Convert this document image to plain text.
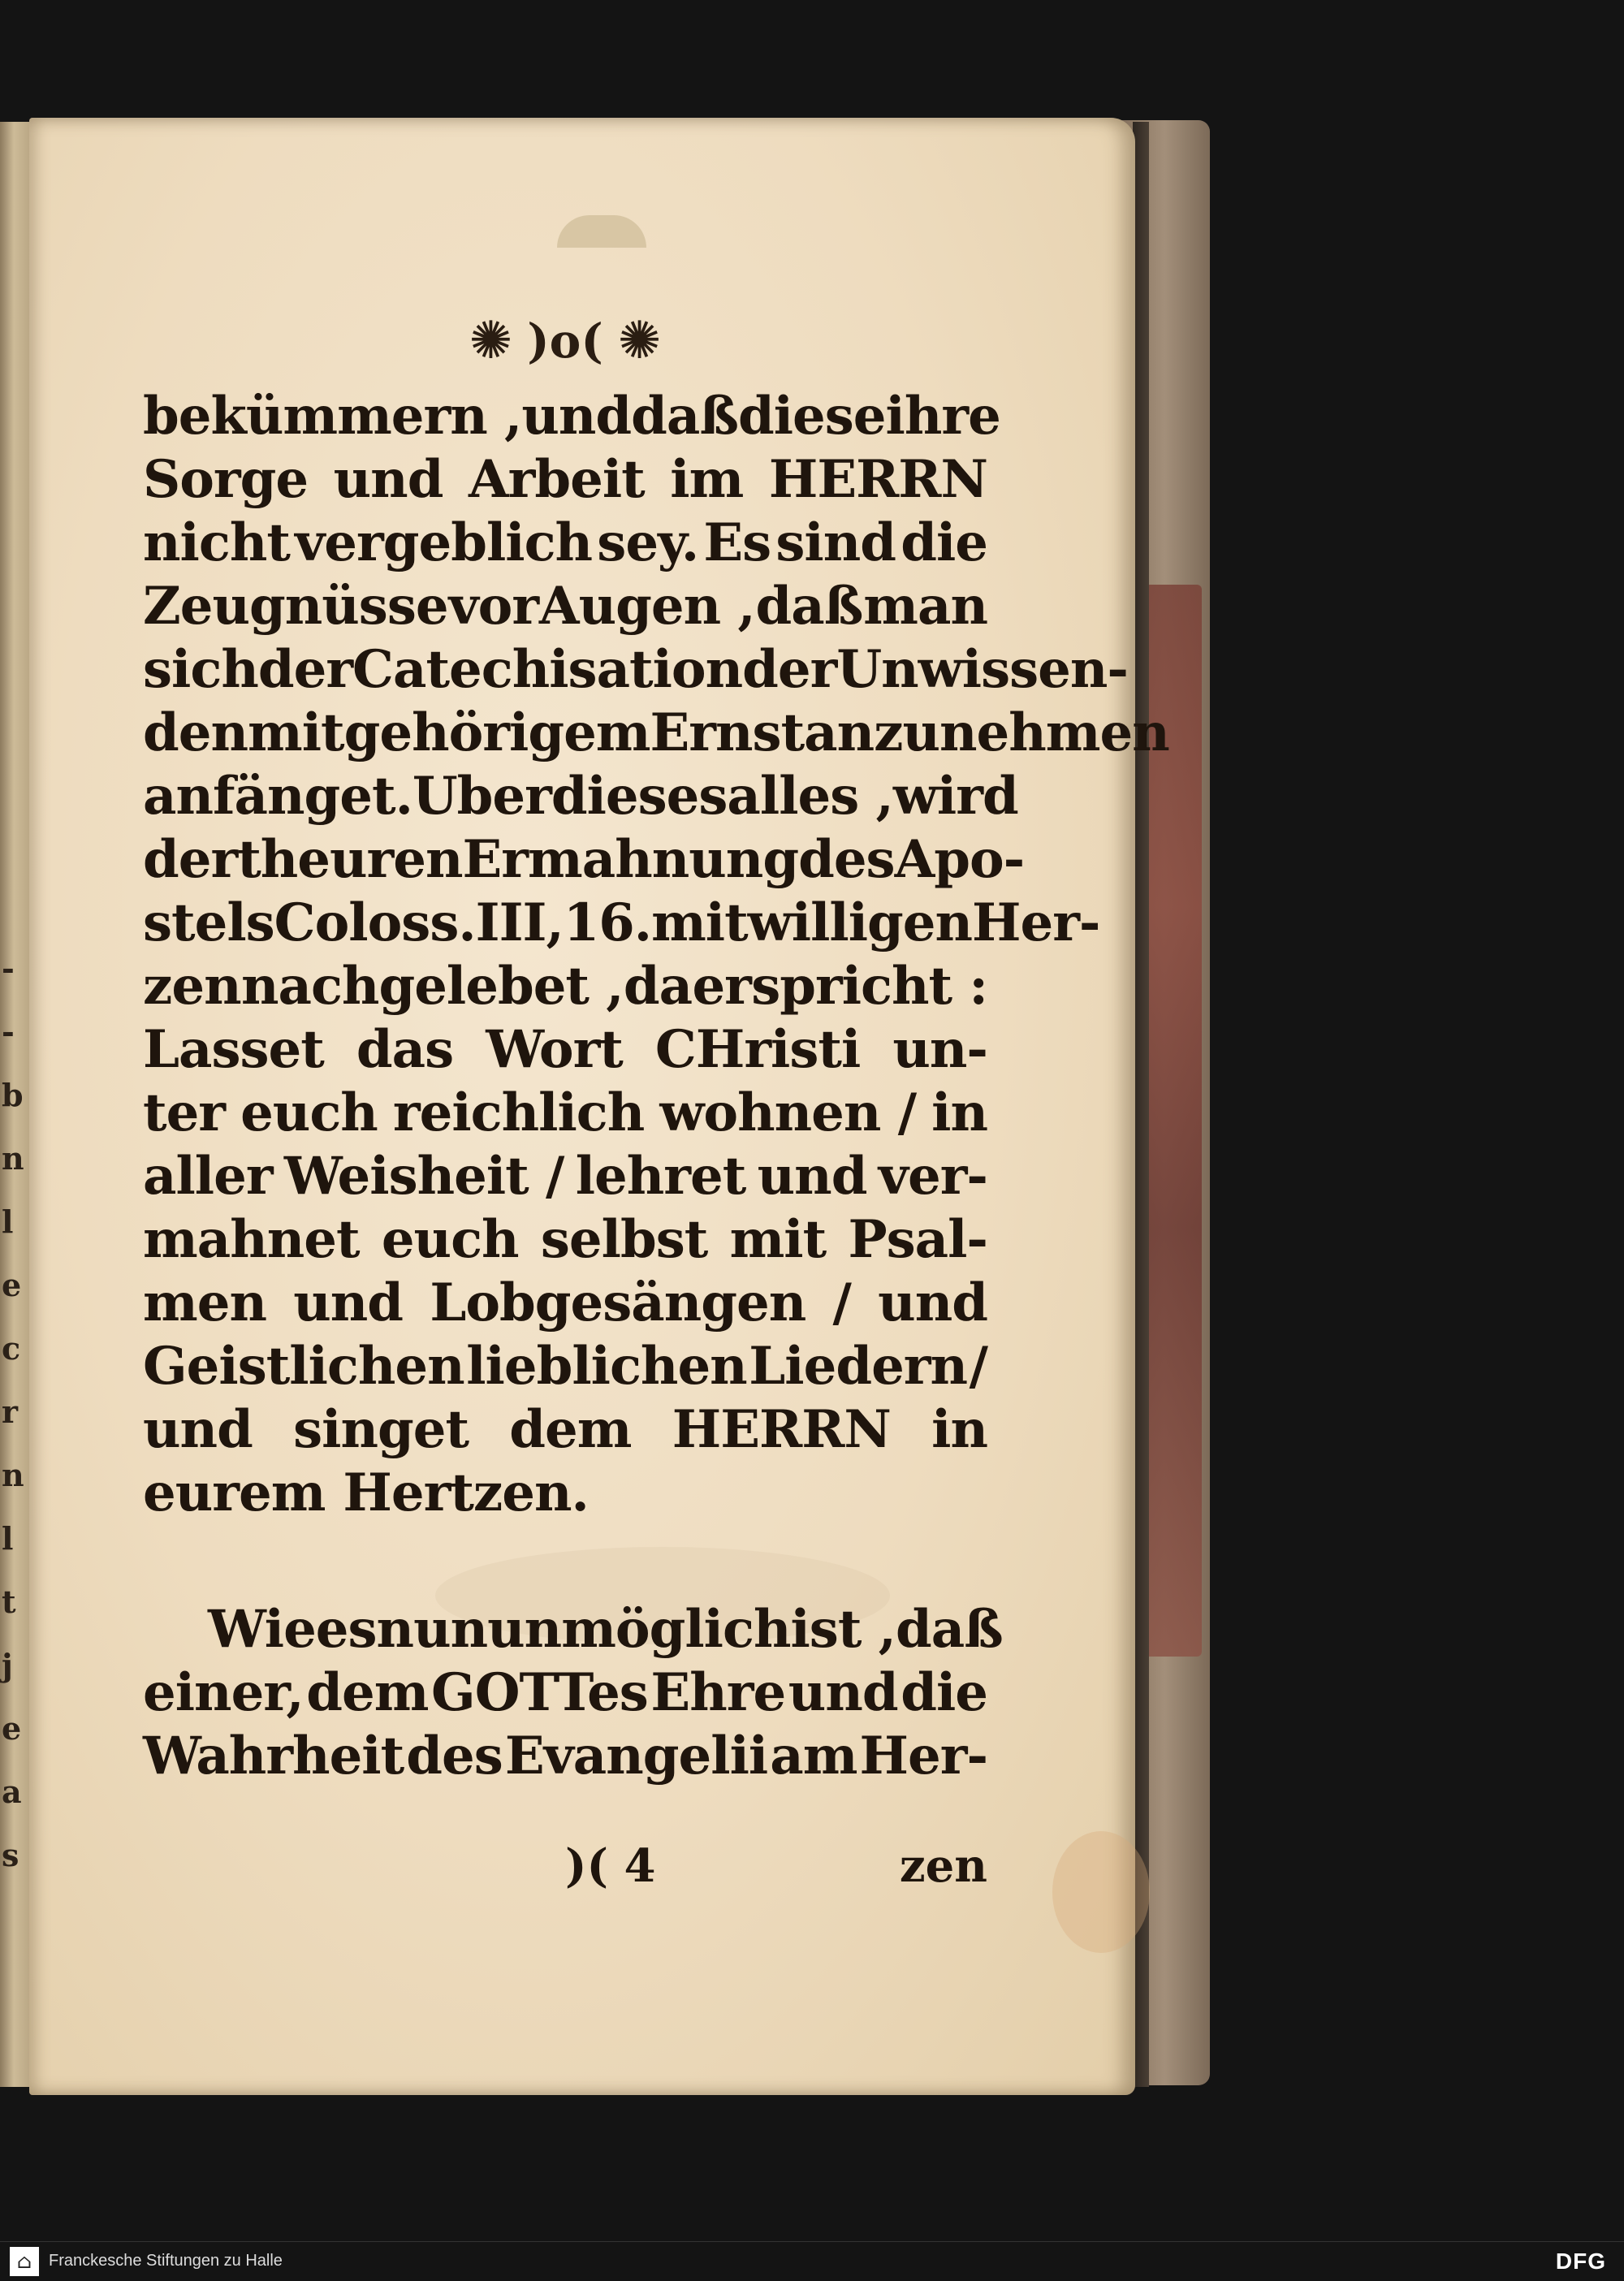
-
-
b
n
l
e
c
r
n
l
t
j
e
a
s
✺ )o( ✺
bekümmern , und daß diese ihre
Sorge und Arbeit im HERRN
nicht vergeblich sey. Es sind die
Zeugnüsse vor Augen , daß man
sich der Catechisation der Unwissen-
den mit gehörigem Ernst anzunehmen
anfänget. Uber dieses alles , wird
der theuren Ermahnung des Apo-
stels Coloss. III,16. mit willigen Her-
zen nachgelebet , da er spricht :
Lasset das Wort CHristi un-
ter euch reichlich wohnen / in
aller Weisheit / lehret und ver-
mahnet euch selbst mit Psal-
men und Lobgesängen / und
Geistlichen lieblichen Liedern /
und singet dem HERRN in
eurem Hertzen.
Wie es nun unmöglich ist , daß
einer, dem GOTTes Ehre und die
Wahrheit des Evangelii am Her-
)( 4	zen
⌂	Franckesche Stiftungen zu Halle	DFG
